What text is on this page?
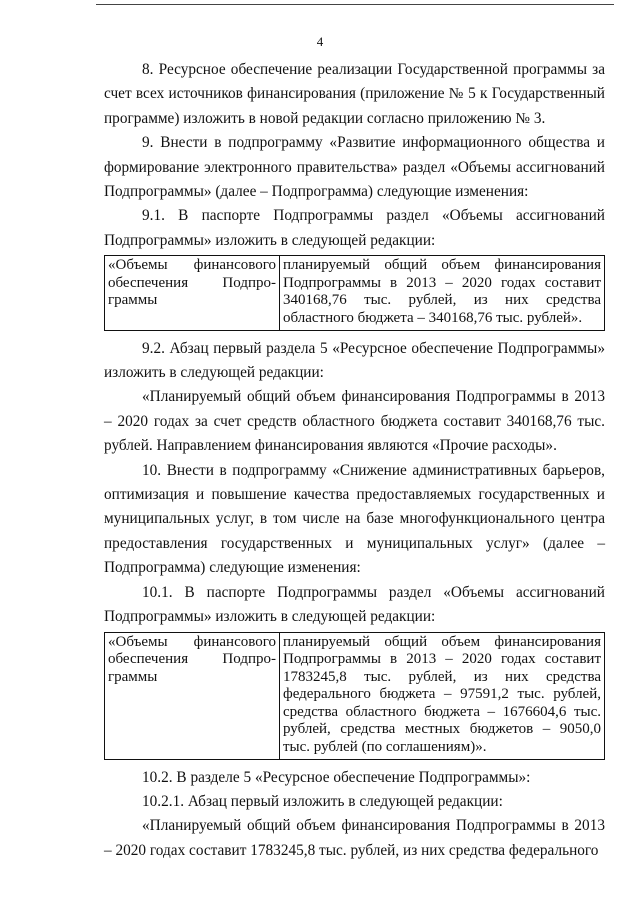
4

8. Ресурсное обеспечение реализации Государственной программы за счет всех источников финансирования (приложение № 5 к Государственный программе) изложить в новой редакции согласно приложению № 3.

9. Внести в подпрограмму «Развитие информационного общества и формирование электронного правительства» раздел «Объемы ассигнований Подпрограммы» (далее – Подпрограмма) следующие изменения:

9.1. В паспорте Подпрограммы раздел «Объемы ассигнований Подпрограммы» изложить в следующей редакции:

«Объемы финансового
обеспечения Подпро-
граммы
	планируемый общий объем финансирования Подпрограммы в 2013 – 2020 годах составит 340168,76 тыс. рублей, из них средства областного бюджета – 340168,76 тыс. рублей».

9.2. Абзац первый раздела 5 «Ресурсное обеспечение Подпрограммы» изложить в следующей редакции:

«Планируемый общий объем финансирования Подпрограммы в 2013 – 2020 годах за счет средств областного бюджета составит 340168,76 тыс. рублей. Направлением финансирования являются «Прочие расходы».

10. Внести в подпрограмму «Снижение административных барьеров, оптимизация и повышение качества предоставляемых государственных и муниципальных услуг, в том числе на базе многофункционального центра предоставления государственных и муниципальных услуг» (далее – Подпрограмма) следующие изменения:

10.1. В паспорте Подпрограммы раздел «Объемы ассигнований Подпрограммы» изложить в следующей редакции:

«Объемы финансового
обеспечения Подпро-
граммы
	планируемый общий объем финансирования Подпрограммы в 2013 – 2020 годах составит 1783245,8 тыс. рублей, из них средства федерального бюджета – 97591,2 тыс. рублей, средства областного бюджета – 1676604,6 тыс. рублей, средства местных бюджетов – 9050,0 тыс. рублей (по соглашениям)».

10.2. В разделе 5 «Ресурсное обеспечение Подпрограммы»:

10.2.1. Абзац первый изложить в следующей редакции:

«Планируемый общий объем финансирования Подпрограммы в 2013 – 2020 годах составит 1783245,8 тыс. рублей, из них средства федерального
